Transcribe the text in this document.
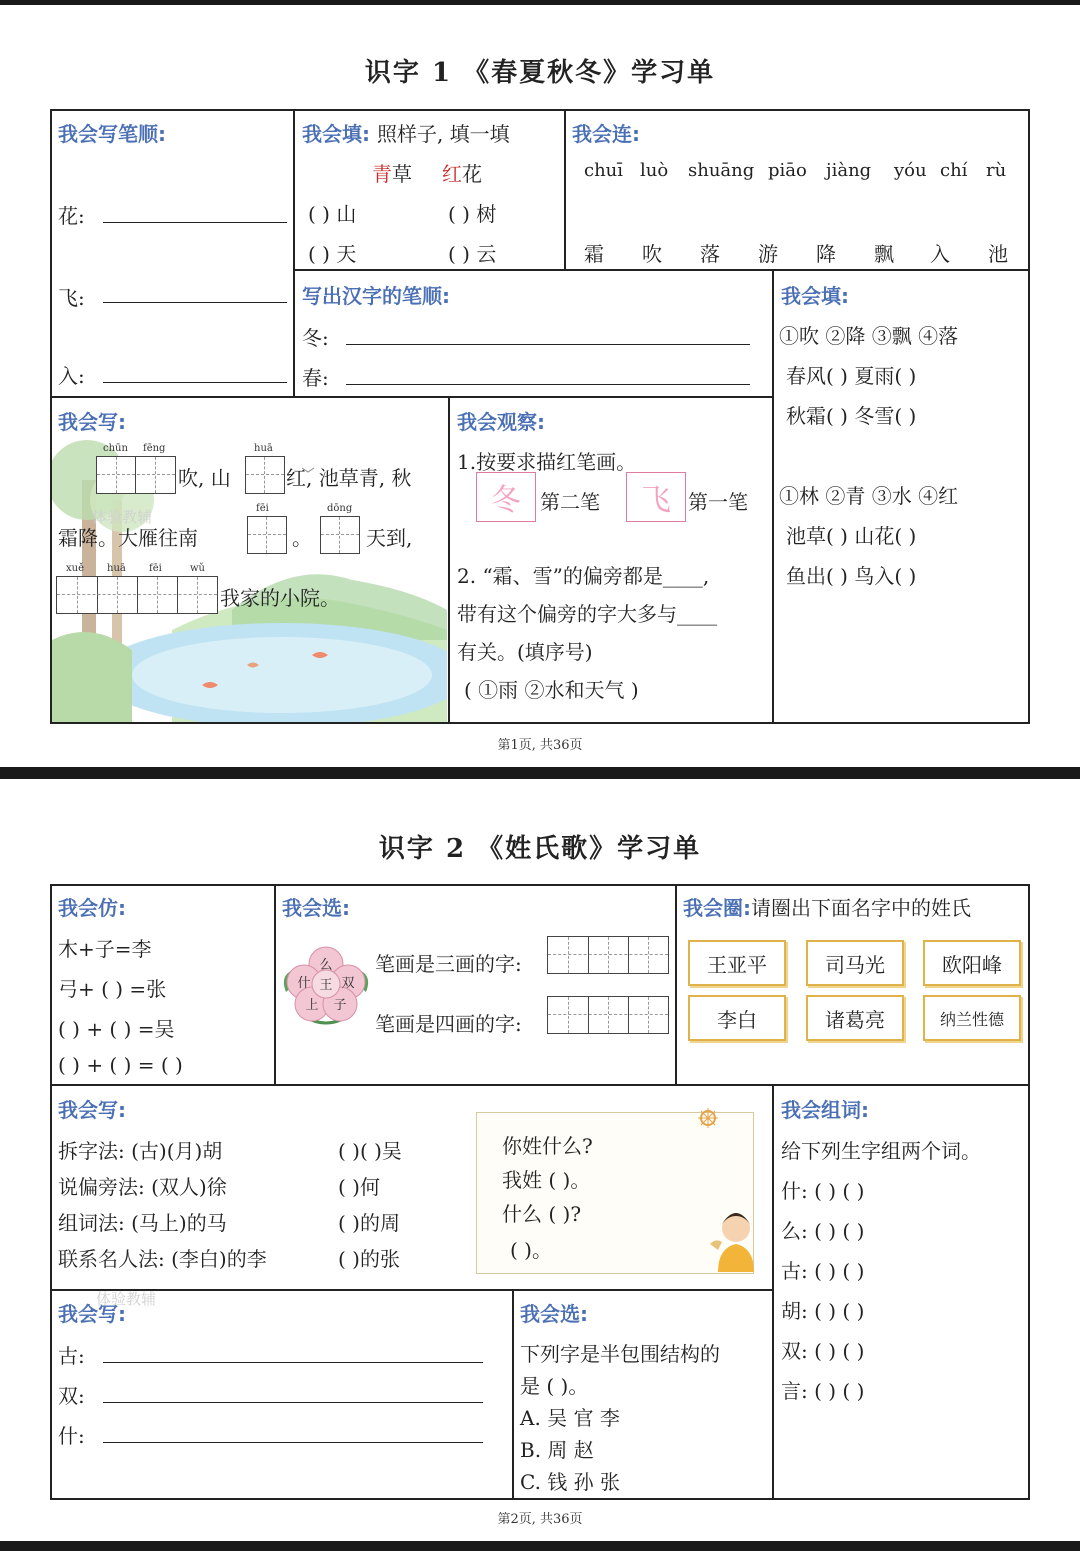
识字 1 《春夏秋冬》学习单
我会写笔顺:
花:
飞:
入:
我会填: 照样子, 填一填
青草 红花
( ) 山	( ) 树
( ) 天	( ) 云
我会连:
chuī luò shuāng piāo jiàng yóu chí rù
霜 吹 落 游 降 飘 入 池
写出汉字的笔顺:
冬:
春:
我会填:
①吹 ②降 ③飘 ④落
春风( ) 夏雨( )
秋霜( ) 冬雪( )
①林 ②青 ③水 ④红
池草( ) 山花( )
鱼出( ) 鸟入( )
体验教辅
我会写:
chūn fēng
吹, 山
huā
红, 池草青, 秋
霜降。大雁往南
fēi
。
dōng
天到,
xuě huā fēi	wǔ
我家的小院。
我会观察:
1.按要求描红笔画。
冬 第二笔	飞 第一笔
2. “霜、雪”的偏旁都是____,
带有这个偏旁的字大多与____
有关。(填序号)
( ①雨 ②水和天气 )
第1页, 共36页
识字 2 《姓氏歌》学习单
我会仿:
木+子=李
弓+ ( ) =张
( ) + ( ) =吴
( ) + ( ) = ( )
我会选:
么
什 王 双
上 子
笔画是三画的字:
笔画是四画的字:
我会圈:请圈出下面名字中的姓氏
王亚平	司马光	欧阳峰
李白	诸葛亮	纳兰性德
我会写:
拆字法: (古)(月)胡	( )( )吴
说偏旁法: (双人)徐	( )何
组词法: (马上)的马	( )的周
联系名人法: (李白)的李	( )的张
你姓什么?
我姓 ( )。
什么 ( )?
( )。
我会组词:
给下列生字组两个词。
什: ( ) ( )
么: ( ) ( )
古: ( ) ( )
胡: ( ) ( )
双: ( ) ( )
言: ( ) ( )
我会写:
体验教辅
古:
双:
什:
我会选:
下列字是半包围结构的
是 ( )。
A. 吴 官 李
B. 周 赵
C. 钱 孙 张
第2页, 共36页
